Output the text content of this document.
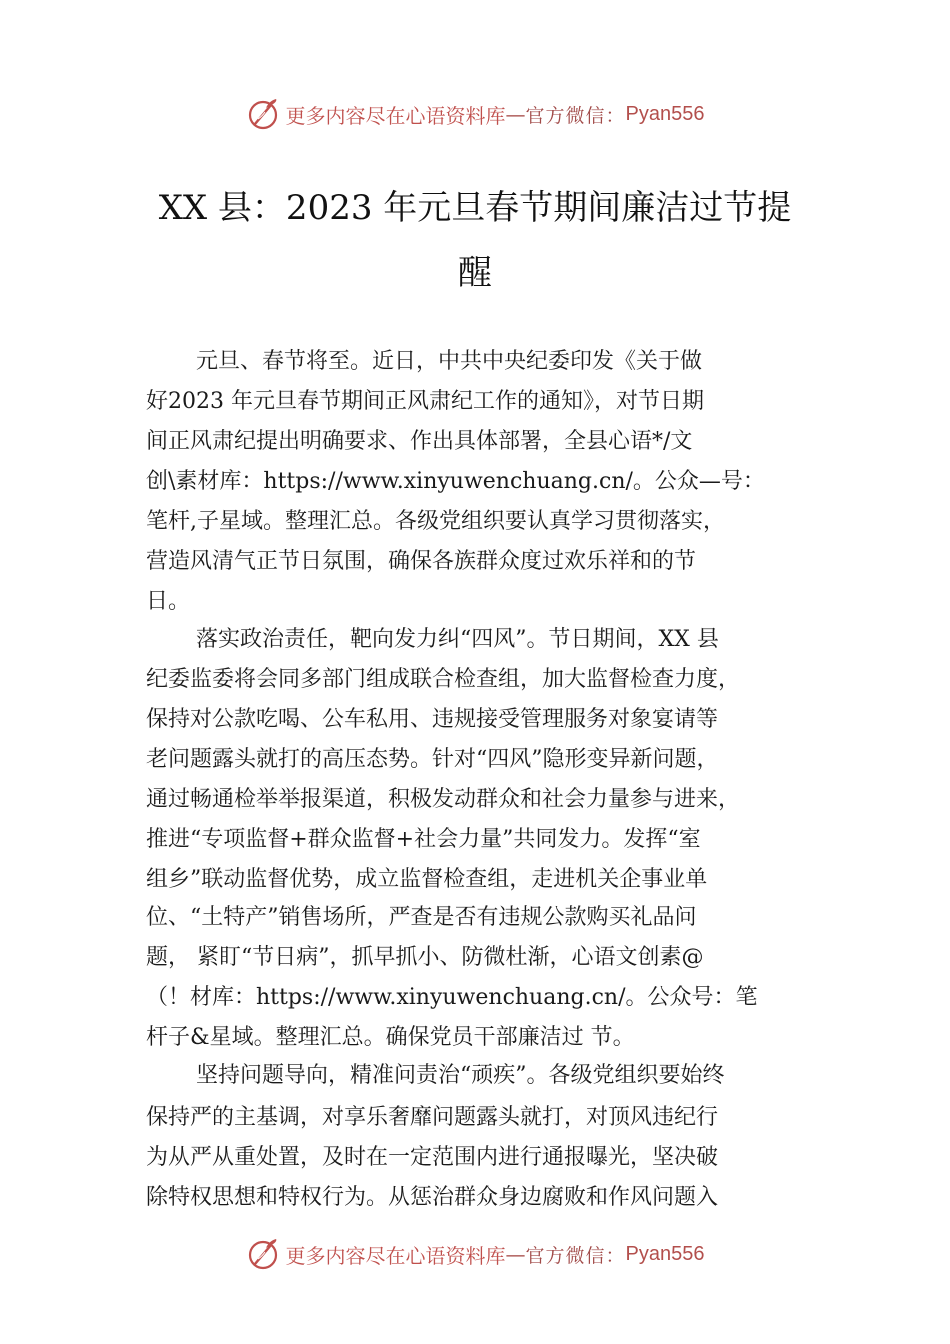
更多内容尽在心语资料库 — 官方微信： Pyan556
XX 县：2023 年元旦春节期间廉洁过节提
醒
元旦、春节将至。近日，中共中央纪委印发《关于做
好2023 年元旦春节期间正风肃纪工作的通知》，对节日期
间正风肃纪提出明确要求、作出具体部署，全县心语*/文
创\素材库：https://www.xinyuwenchuang.cn/。公众—号：
笔杆,子星域。整理汇总。各级党组织要认真学习贯彻落实，
营造风清气正节日氛围，确保各族群众度过欢乐祥和的节
日。
落实政治责任，靶向发力纠“四风”。节日期间，XX 县
纪委监委将会同多部门组成联合检查组，加大监督检查力度，
保持对公款吃喝、公车私用、违规接受管理服务对象宴请等
老问题露头就打的高压态势。针对“四风”隐形变异新问题，
通过畅通检举举报渠道，积极发动群众和社会力量参与进来，
推进“专项监督+群众监督+社会力量”共同发力。发挥“室
组乡”联动监督优势，成立监督检查组，走进机关企事业单
位、“土特产”销售场所，严查是否有违规公款购买礼品问
题， 紧盯“节日病”，抓早抓小、防微杜渐，心语文创素@
（！材库：https://www.xinyuwenchuang.cn/。公众号：笔
杆子&星域。整理汇总。确保党员干部廉洁过 节。
坚持问题导向，精准问责治“顽疾”。各级党组织要始终
保持严的主基调，对享乐奢靡问题露头就打，对顶风违纪行
为从严从重处置，及时在一定范围内进行通报曝光，坚决破
除特权思想和特权行为。从惩治群众身边腐败和作风问题入
更多内容尽在心语资料库 — 官方微信： Pyan556
